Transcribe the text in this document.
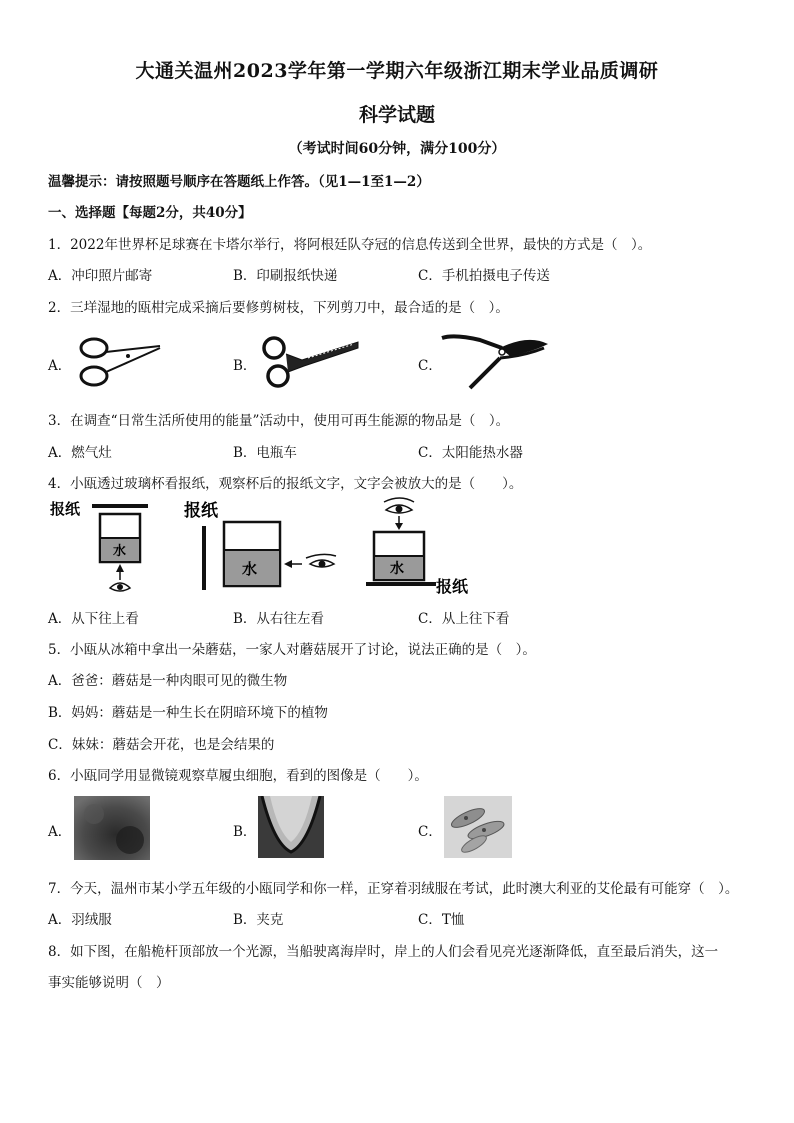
大通关温州2023学年第一学期六年级浙江期末学业品质调研
科学试题
（考试时间60分钟，满分100分）
温馨提示：请按照题号顺序在答题纸上作答。（见1—1至1—2）
一、选择题【每题2分，共40分】
1．2022年世界杯足球赛在卡塔尔举行，将阿根廷队夺冠的信息传送到全世界，最快的方式是（　）。
A．冲印照片邮寄	B．印刷报纸快递	C．手机拍摄电子传送
2．三垟湿地的瓯柑完成采摘后要修剪树枝，下列剪刀中，最合适的是（　）。
A．	B．	C．
3．在调查“日常生活所使用的能量”活动中，使用可再生能源的物品是（　）。
A．燃气灶	B．电瓶车	C．太阳能热水器
4．小瓯透过玻璃杯看报纸，观察杯后的报纸文字，文字会被放大的是（　　）。
报纸
水
报纸
水	水
报纸
A．从下往上看	B．从右往左看	C．从上往下看
5．小瓯从冰箱中拿出一朵蘑菇，一家人对蘑菇展开了讨论，说法正确的是（　）。
A．爸爸：蘑菇是一种肉眼可见的微生物
B．妈妈：蘑菇是一种生长在阴暗环境下的植物
C．妹妹：蘑菇会开花，也是会结果的
6．小瓯同学用显微镜观察草履虫细胞，看到的图像是（　　）。
A．	B．	C．
7．今天，温州市某小学五年级的小瓯同学和你一样，正穿着羽绒服在考试，此时澳大利亚的艾伦最有可能穿（　）。
A．羽绒服	B．夹克	C．T恤
8．如下图，在船桅杆顶部放一个光源，当船驶离海岸时，岸上的人们会看见亮光逐渐降低，直至最后消失，这一
事实能够说明（　）
